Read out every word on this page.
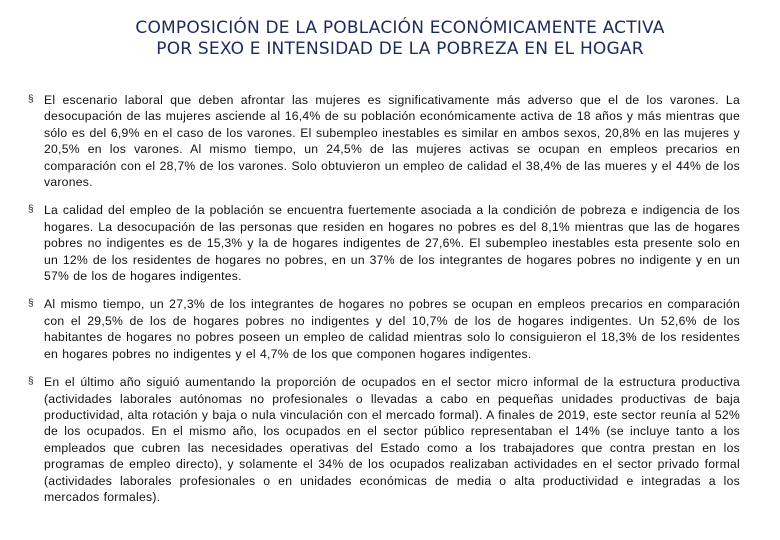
COMPOSICIÓN DE LA POBLACIÓN ECONÓMICAMENTE ACTIVA
POR SEXO E INTENSIDAD DE LA POBREZA EN EL HOGAR
§ El escenario laboral que deben afrontar las mujeres es significativamente más adverso que el de los varones. La desocupación de las mujeres asciende al 16,4% de su población económicamente activa de 18 años y más mientras que sólo es del 6,9% en el caso de los varones. El subempleo inestables es similar en ambos sexos, 20,8% en las mujeres y 20,5% en los varones. Al mismo tiempo, un 24,5% de las mujeres activas se ocupan en empleos precarios en comparación con el 28,7% de los varones. Solo obtuvieron un empleo de calidad el 38,4% de las mueres y el 44% de los varones.
§ La calidad del empleo de la población se encuentra fuertemente asociada a la condición de pobreza e indigencia de los hogares. La desocupación de las personas que residen en hogares no pobres es del 8,1% mientras que las de hogares pobres no indigentes es de 15,3% y la de hogares indigentes de 27,6%. El subempleo inestables esta presente solo en un 12% de los residentes de hogares no pobres, en un 37% de los integrantes de hogares pobres no indigente y en un 57% de los de hogares indigentes.
§ Al mismo tiempo, un 27,3% de los integrantes de hogares no pobres se ocupan en empleos precarios en comparación con el 29,5% de los de hogares pobres no indigentes y del 10,7% de los de hogares indigentes. Un 52,6% de los habitantes de hogares no pobres poseen un empleo de calidad mientras solo lo consiguieron el 18,3% de los residentes en hogares pobres no indigentes y el 4,7% de los que componen hogares indigentes.
§ En el último año siguió aumentando la proporción de ocupados en el sector micro informal de la estructura productiva (actividades laborales autónomas no profesionales o llevadas a cabo en pequeñas unidades productivas de baja productividad, alta rotación y baja o nula vinculación con el mercado formal). A finales de 2019, este sector reunía al 52% de los ocupados. En el mismo año, los ocupados en el sector público representaban el 14% (se incluye tanto a los empleados que cubren las necesidades operativas del Estado como a los trabajadores que contra prestan en los programas de empleo directo), y solamente el 34% de los ocupados realizaban actividades en el sector privado formal (actividades laborales profesionales o en unidades económicas de media o alta productividad e integradas a los mercados formales).
